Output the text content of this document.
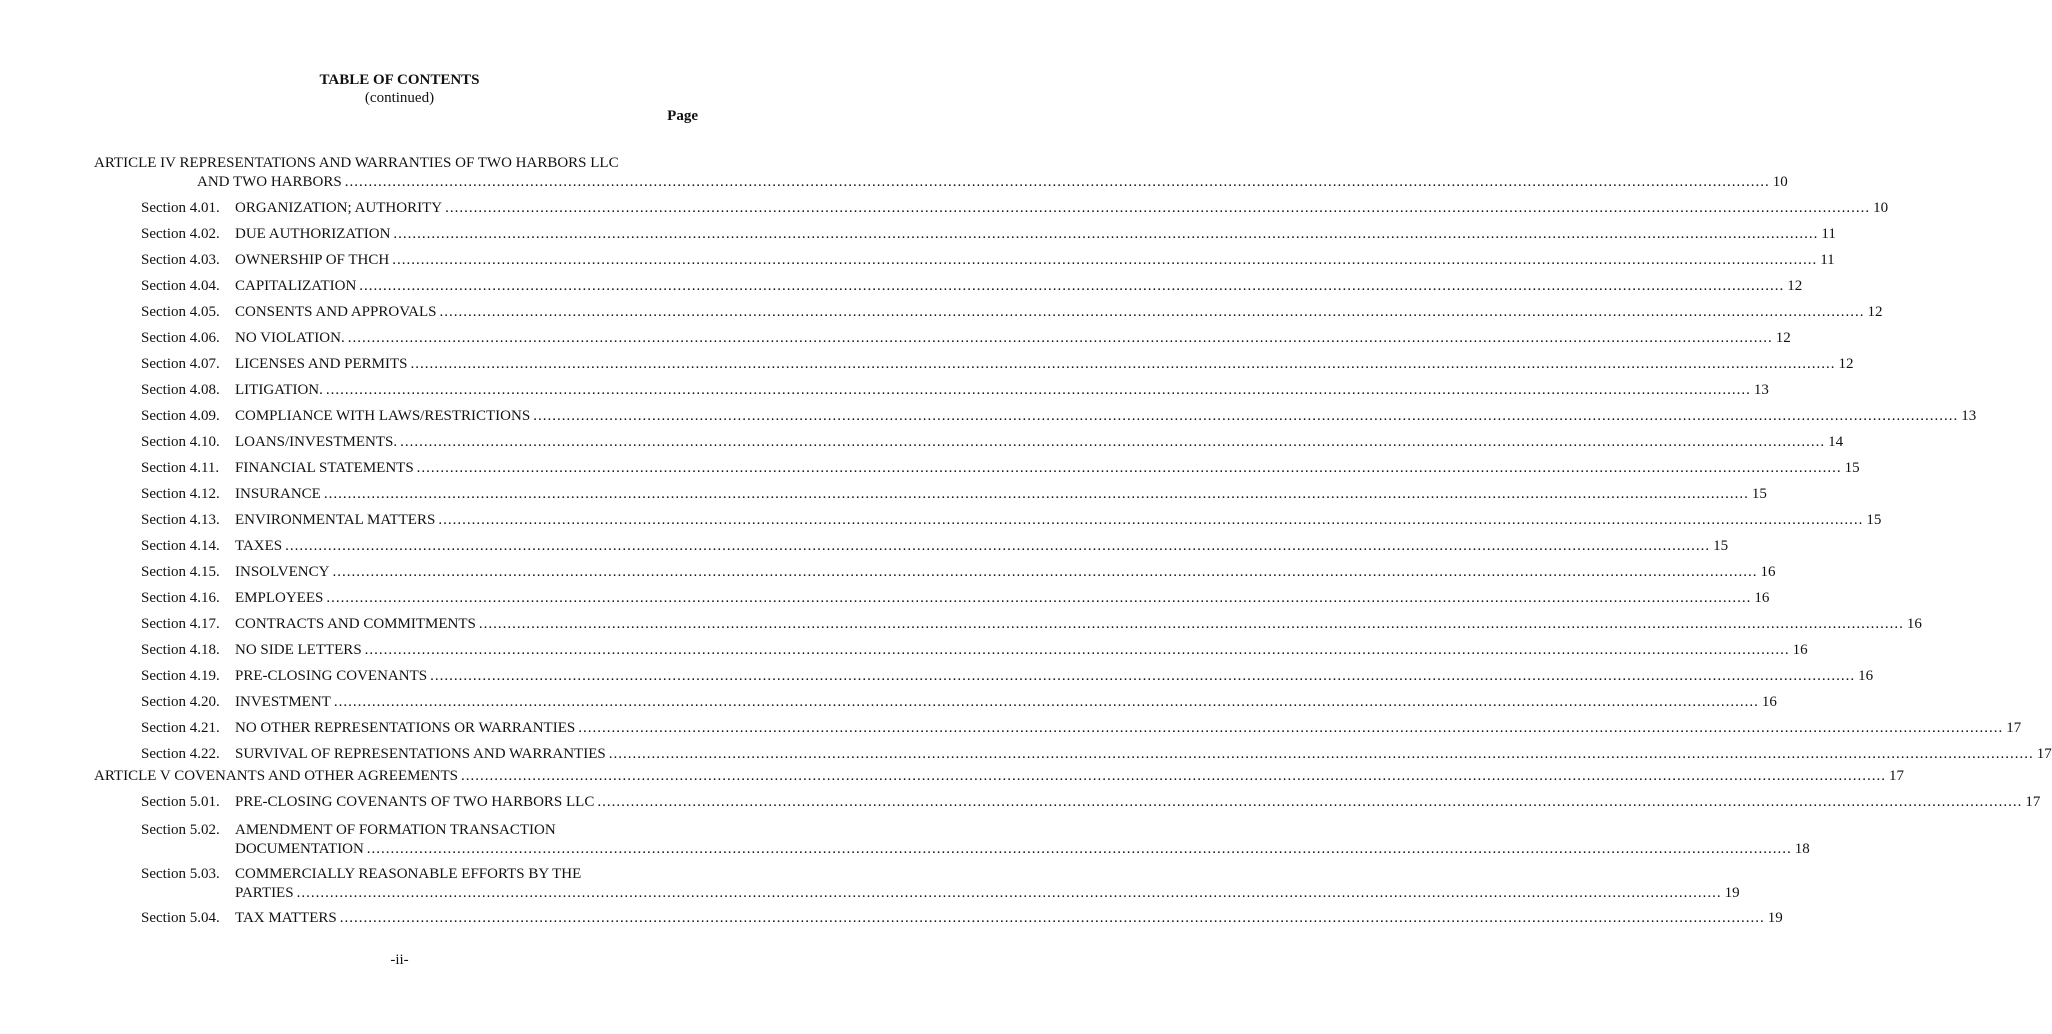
TABLE OF CONTENTS
(continued)
Page
ARTICLE IV REPRESENTATIONS AND WARRANTIES OF TWO HARBORS LLC
AND TWO HARBORS ............................................................................................................................................................................................................................................................................................................ 10
Section 4.01. ORGANIZATION; AUTHORITY ............................................................................................................................................................................................................................................................................................................ 10
Section 4.02. DUE AUTHORIZATION ............................................................................................................................................................................................................................................................................................................ 11
Section 4.03. OWNERSHIP OF THCH ............................................................................................................................................................................................................................................................................................................ 11
Section 4.04. CAPITALIZATION ............................................................................................................................................................................................................................................................................................................ 12
Section 4.05. CONSENTS AND APPROVALS ............................................................................................................................................................................................................................................................................................................ 12
Section 4.06. NO VIOLATION. ............................................................................................................................................................................................................................................................................................................ 12
Section 4.07. LICENSES AND PERMITS ............................................................................................................................................................................................................................................................................................................ 12
Section 4.08. LITIGATION. ............................................................................................................................................................................................................................................................................................................ 13
Section 4.09. COMPLIANCE WITH LAWS/RESTRICTIONS ............................................................................................................................................................................................................................................................................................................ 13
Section 4.10. LOANS/INVESTMENTS. ............................................................................................................................................................................................................................................................................................................ 14
Section 4.11. FINANCIAL STATEMENTS ............................................................................................................................................................................................................................................................................................................ 15
Section 4.12. INSURANCE ............................................................................................................................................................................................................................................................................................................ 15
Section 4.13. ENVIRONMENTAL MATTERS ............................................................................................................................................................................................................................................................................................................ 15
Section 4.14. TAXES ............................................................................................................................................................................................................................................................................................................ 15
Section 4.15. INSOLVENCY ............................................................................................................................................................................................................................................................................................................ 16
Section 4.16. EMPLOYEES ............................................................................................................................................................................................................................................................................................................ 16
Section 4.17. CONTRACTS AND COMMITMENTS ............................................................................................................................................................................................................................................................................................................ 16
Section 4.18. NO SIDE LETTERS ............................................................................................................................................................................................................................................................................................................ 16
Section 4.19. PRE-CLOSING COVENANTS ............................................................................................................................................................................................................................................................................................................ 16
Section 4.20. INVESTMENT ............................................................................................................................................................................................................................................................................................................ 16
Section 4.21. NO OTHER REPRESENTATIONS OR WARRANTIES ............................................................................................................................................................................................................................................................................................................ 17
Section 4.22. SURVIVAL OF REPRESENTATIONS AND WARRANTIES ............................................................................................................................................................................................................................................................................................................ 17
ARTICLE V COVENANTS AND OTHER AGREEMENTS ............................................................................................................................................................................................................................................................................................................ 17
Section 5.01. PRE-CLOSING COVENANTS OF TWO HARBORS LLC ............................................................................................................................................................................................................................................................................................................ 17
Section 5.02. AMENDMENT OF FORMATION TRANSACTION
DOCUMENTATION ............................................................................................................................................................................................................................................................................................................ 18
Section 5.03. COMMERCIALLY REASONABLE EFFORTS BY THE
PARTIES ............................................................................................................................................................................................................................................................................................................ 19
Section 5.04. TAX MATTERS ............................................................................................................................................................................................................................................................................................................ 19
-ii-
